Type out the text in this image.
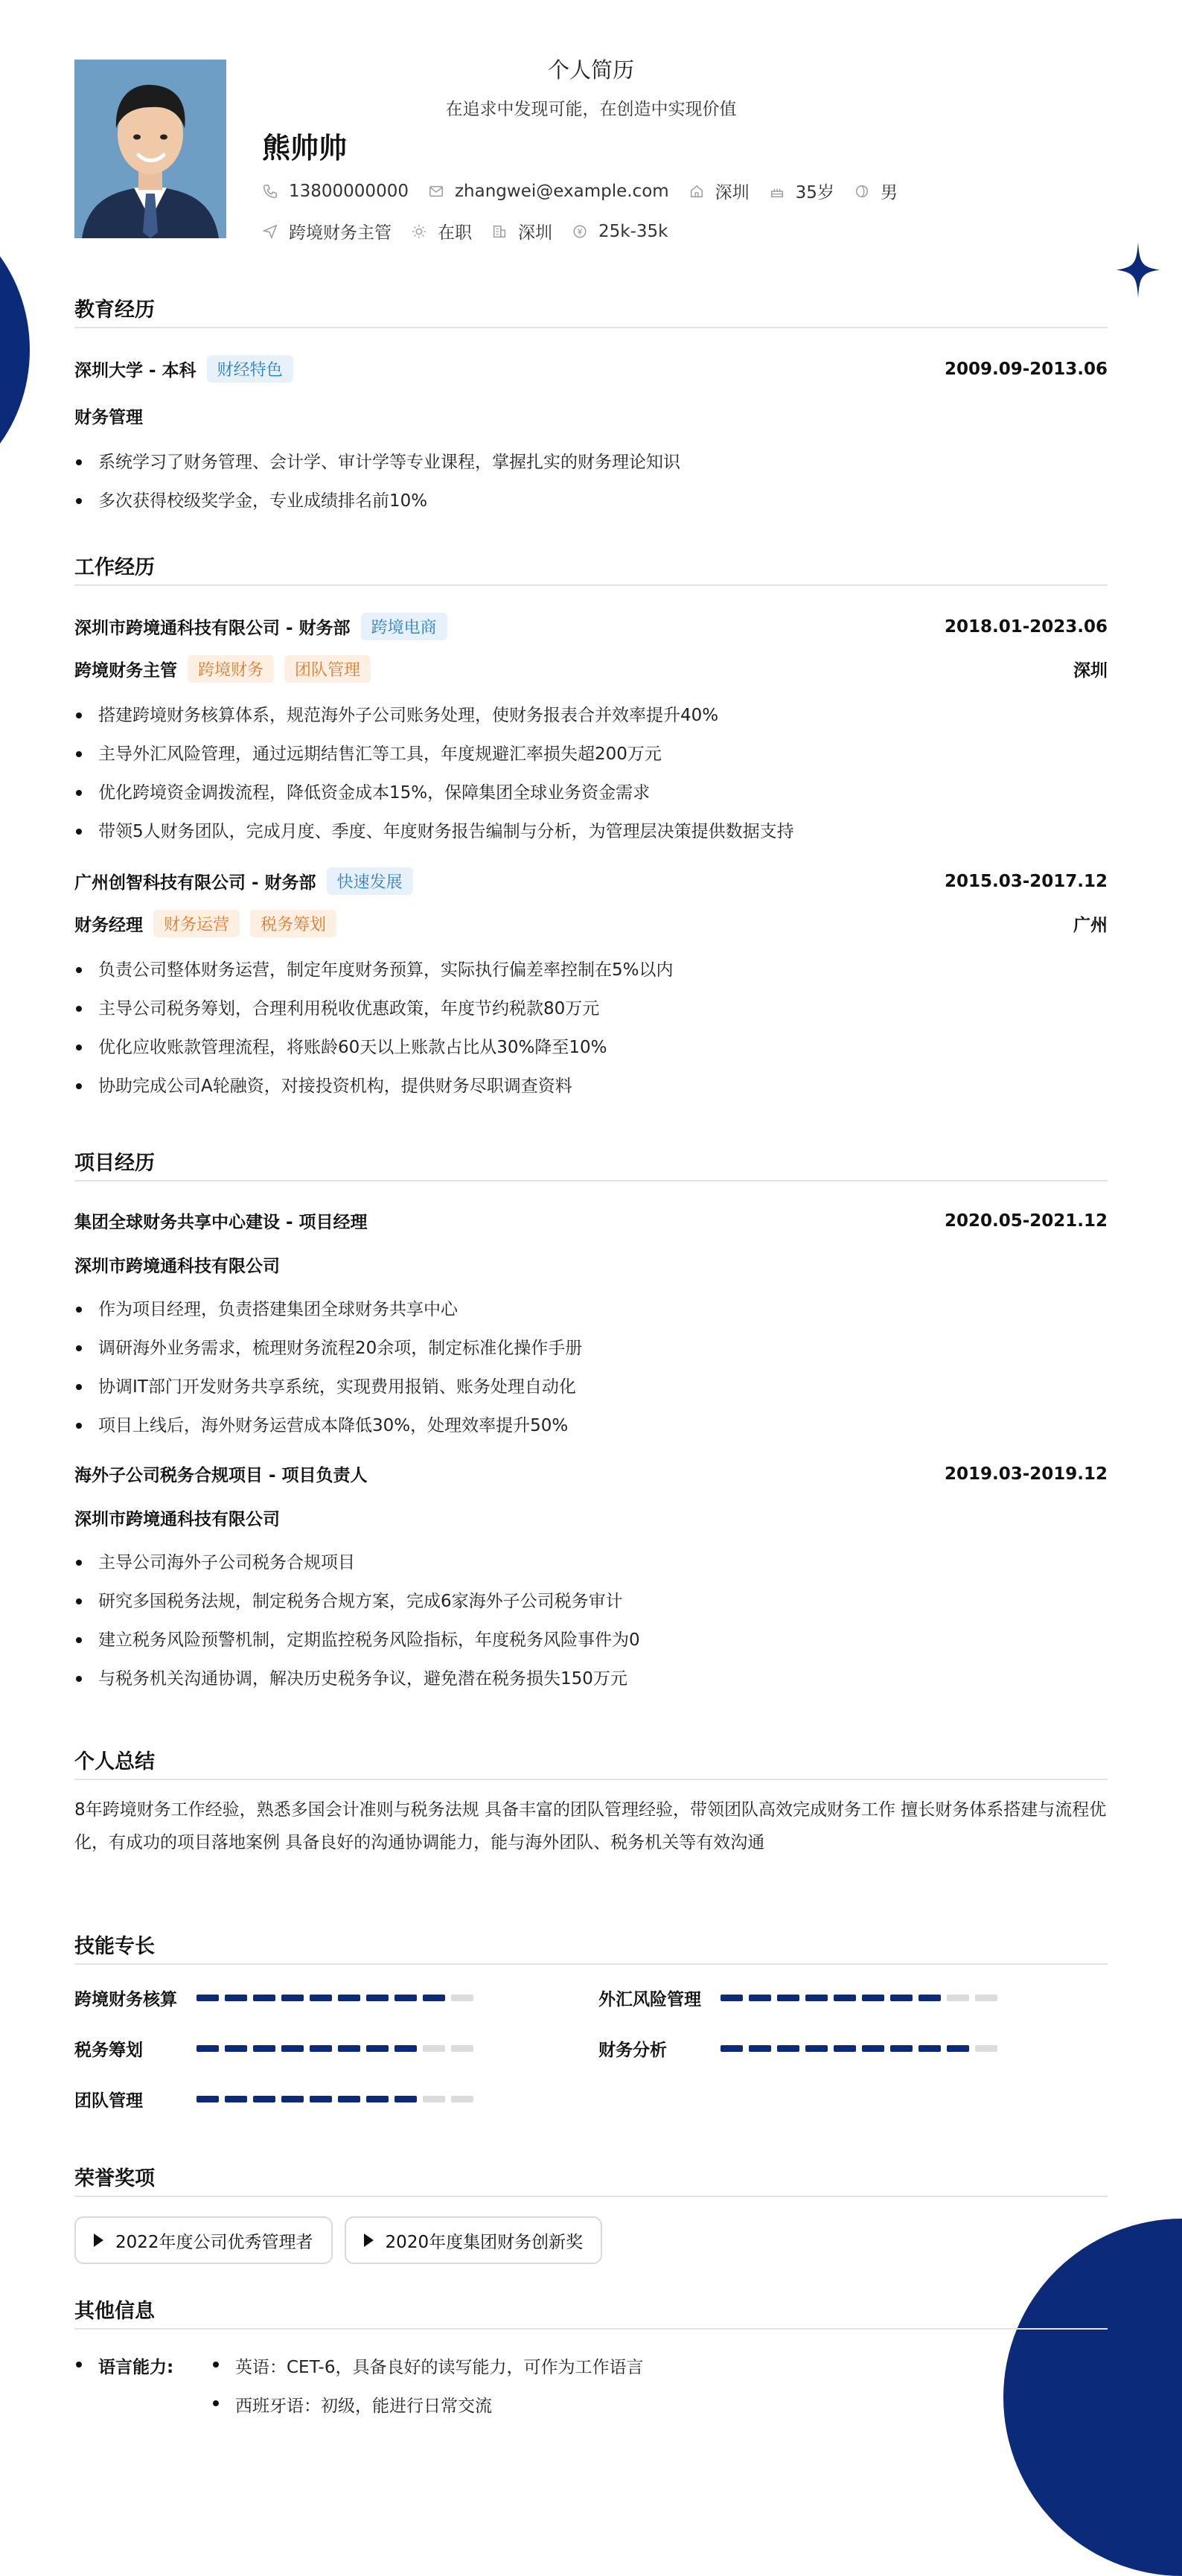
个人简历
在追求中发现可能，在创造中实现价值
熊帅帅
13800000000	zhangwei@example.com	深圳	35岁	男
跨境财务主管	在职	深圳	25k-35k
教育经历
深圳大学 - 本科	财经特色	2009.09-2013.06
财务管理
系统学习了财务管理、会计学、审计学等专业课程，掌握扎实的财务理论知识
多次获得校级奖学金，专业成绩排名前10%
工作经历
深圳市跨境通科技有限公司 - 财务部	跨境电商	2018.01-2023.06
跨境财务主管	跨境财务	团队管理	深圳
搭建跨境财务核算体系，规范海外子公司账务处理，使财务报表合并效率提升40%
主导外汇风险管理，通过远期结售汇等工具，年度规避汇率损失超200万元
优化跨境资金调拨流程，降低资金成本15%，保障集团全球业务资金需求
带领5人财务团队，完成月度、季度、年度财务报告编制与分析，为管理层决策提供数据支持
广州创智科技有限公司 - 财务部	快速发展	2015.03-2017.12
财务经理	财务运营	税务筹划	广州
负责公司整体财务运营，制定年度财务预算，实际执行偏差率控制在5%以内
主导公司税务筹划，合理利用税收优惠政策，年度节约税款80万元
优化应收账款管理流程，将账龄60天以上账款占比从30%降至10%
协助完成公司A轮融资，对接投资机构，提供财务尽职调查资料
项目经历
集团全球财务共享中心建设 - 项目经理	2020.05-2021.12
深圳市跨境通科技有限公司
作为项目经理，负责搭建集团全球财务共享中心
调研海外业务需求，梳理财务流程20余项，制定标准化操作手册
协调IT部门开发财务共享系统，实现费用报销、账务处理自动化
项目上线后，海外财务运营成本降低30%，处理效率提升50%
海外子公司税务合规项目 - 项目负责人	2019.03-2019.12
深圳市跨境通科技有限公司
主导公司海外子公司税务合规项目
研究多国税务法规，制定税务合规方案，完成6家海外子公司税务审计
建立税务风险预警机制，定期监控税务风险指标，年度税务风险事件为0
与税务机关沟通协调，解决历史税务争议，避免潜在税务损失150万元
个人总结
8年跨境财务工作经验，熟悉多国会计准则与税务法规 具备丰富的团队管理经验，带领团队高效完成财务工作 擅长财务体系搭建与流程优化，有成功的项目落地案例 具备良好的沟通协调能力，能与海外团队、税务机关等有效沟通
技能专长
跨境财务核算	外汇风险管理
税务筹划	财务分析
团队管理
荣誉奖项
2022年度公司优秀管理者	2020年度集团财务创新奖
其他信息
语言能力:	英语：CET-6，具备良好的读写能力，可作为工作语言
西班牙语：初级，能进行日常交流
